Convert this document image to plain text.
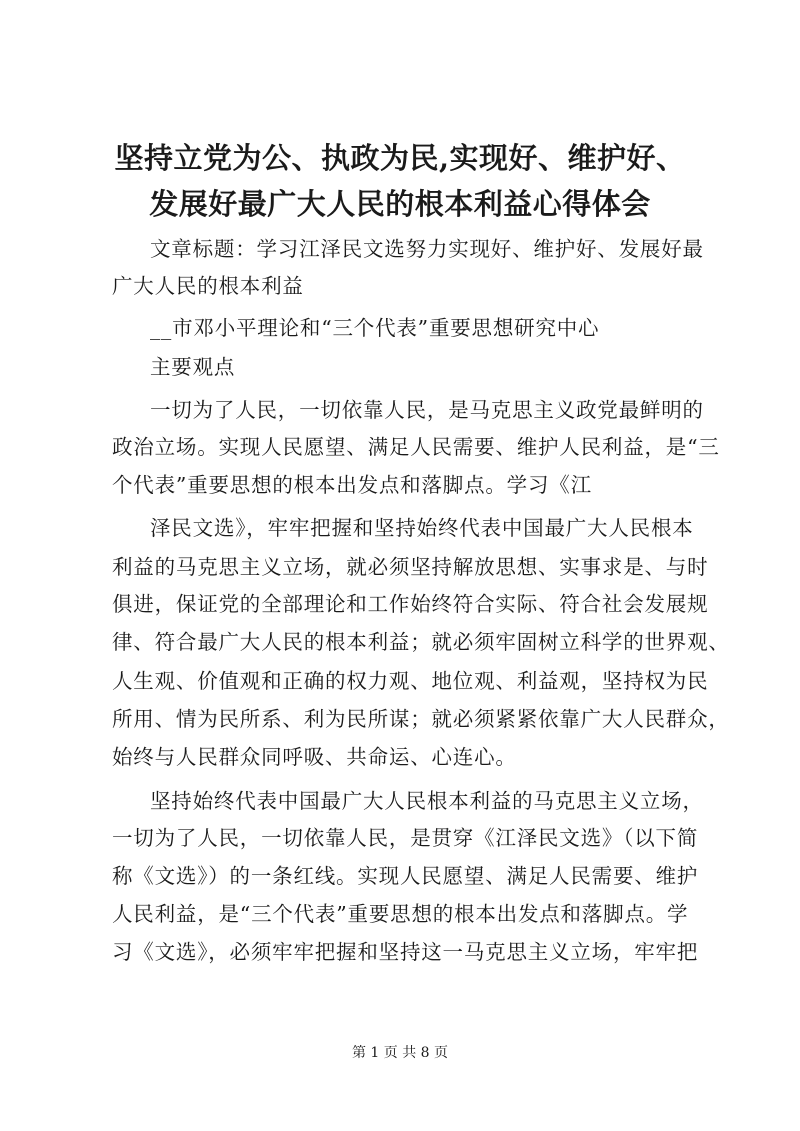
坚持立党为公、执政为民,实现好、维护好、
发展好最广大人民的根本利益心得体会
文章标题：学习江泽民文选努力实现好、维护好、发展好最
广大人民的根本利益
__市邓小平理论和“三个代表”重要思想研究中心
主要观点
一切为了人民，一切依靠人民，是马克思主义政党最鲜明的
政治立场。实现人民愿望、满足人民需要、维护人民利益，是“三
个代表”重要思想的根本出发点和落脚点。学习《江
泽民文选》，牢牢把握和坚持始终代表中国最广大人民根本
利益的马克思主义立场，就必须坚持解放思想、实事求是、与时
俱进，保证党的全部理论和工作始终符合实际、符合社会发展规
律、符合最广大人民的根本利益；就必须牢固树立科学的世界观、
人生观、价值观和正确的权力观、地位观、利益观，坚持权为民
所用、情为民所系、利为民所谋；就必须紧紧依靠广大人民群众，
始终与人民群众同呼吸、共命运、心连心。
坚持始终代表中国最广大人民根本利益的马克思主义立场，
一切为了人民，一切依靠人民，是贯穿《江泽民文选》（以下简
称《文选》）的一条红线。实现人民愿望、满足人民需要、维护
人民利益，是“三个代表”重要思想的根本出发点和落脚点。学
习《文选》，必须牢牢把握和坚持这一马克思主义立场，牢牢把
第 1 页 共 8 页
